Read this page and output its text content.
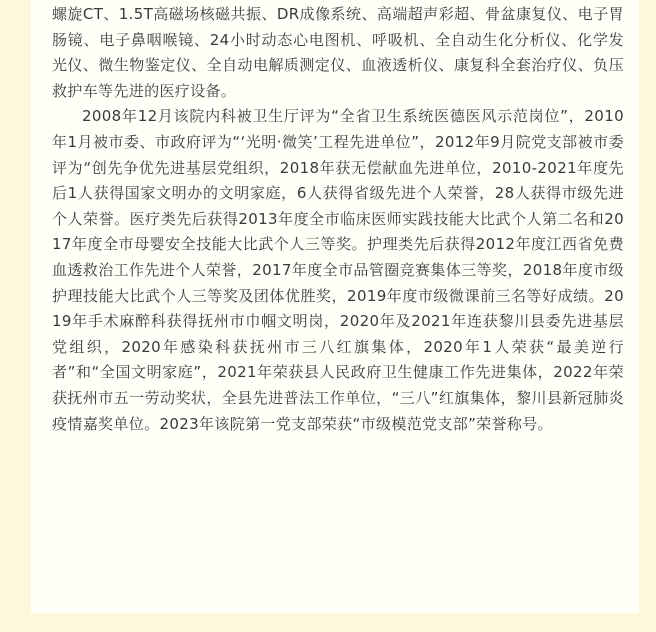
螺旋CT、1.5T高磁场核磁共振、DR成像系统、高端超声彩超、骨盆康复仪、电子胃肠镜、电子鼻咽喉镜、24小时动态心电图机、呼吸机、全自动生化分析仪、化学发光仪、微生物鉴定仪、全自动电解质测定仪、血液透析仪、康复科全套治疗仪、负压救护车等先进的医疗设备。

2008年12月该院内科被卫生厅评为“全省卫生系统医德医风示范岗位”，2010年1月被市委、市政府评为“‘光明·微笑’工程先进单位”，2012年9月院党支部被市委评为“创先争优先进基层党组织，2018年获无偿献血先进单位，2010-2021年度先后1人获得国家文明办的文明家庭，6人获得省级先进个人荣誉，28人获得市级先进个人荣誉。医疗类先后获得2013年度全市临床医师实践技能大比武个人第二名和2017年度全市母婴安全技能大比武个人三等奖。护理类先后获得2012年度江西省免费血透救治工作先进个人荣誉，2017年度全市品管圈竞赛集体三等奖，2018年度市级护理技能大比武个人三等奖及团体优胜奖，2019年度市级微课前三名等好成绩。2019年手术麻醉科获得抚州市巾帼文明岗，2020年及2021年连获黎川县委先进基层党组织，2020年感染科获抚州市三八红旗集体，2020年1人荣获“最美逆行者”和“全国文明家庭”，2021年荣获县人民政府卫生健康工作先进集体，2022年荣获抚州市五一劳动奖状，全县先进普法工作单位，“三八”红旗集体，黎川县新冠肺炎疫情嘉奖单位。2023年该院第一党支部荣获“市级模范党支部”荣誉称号。
